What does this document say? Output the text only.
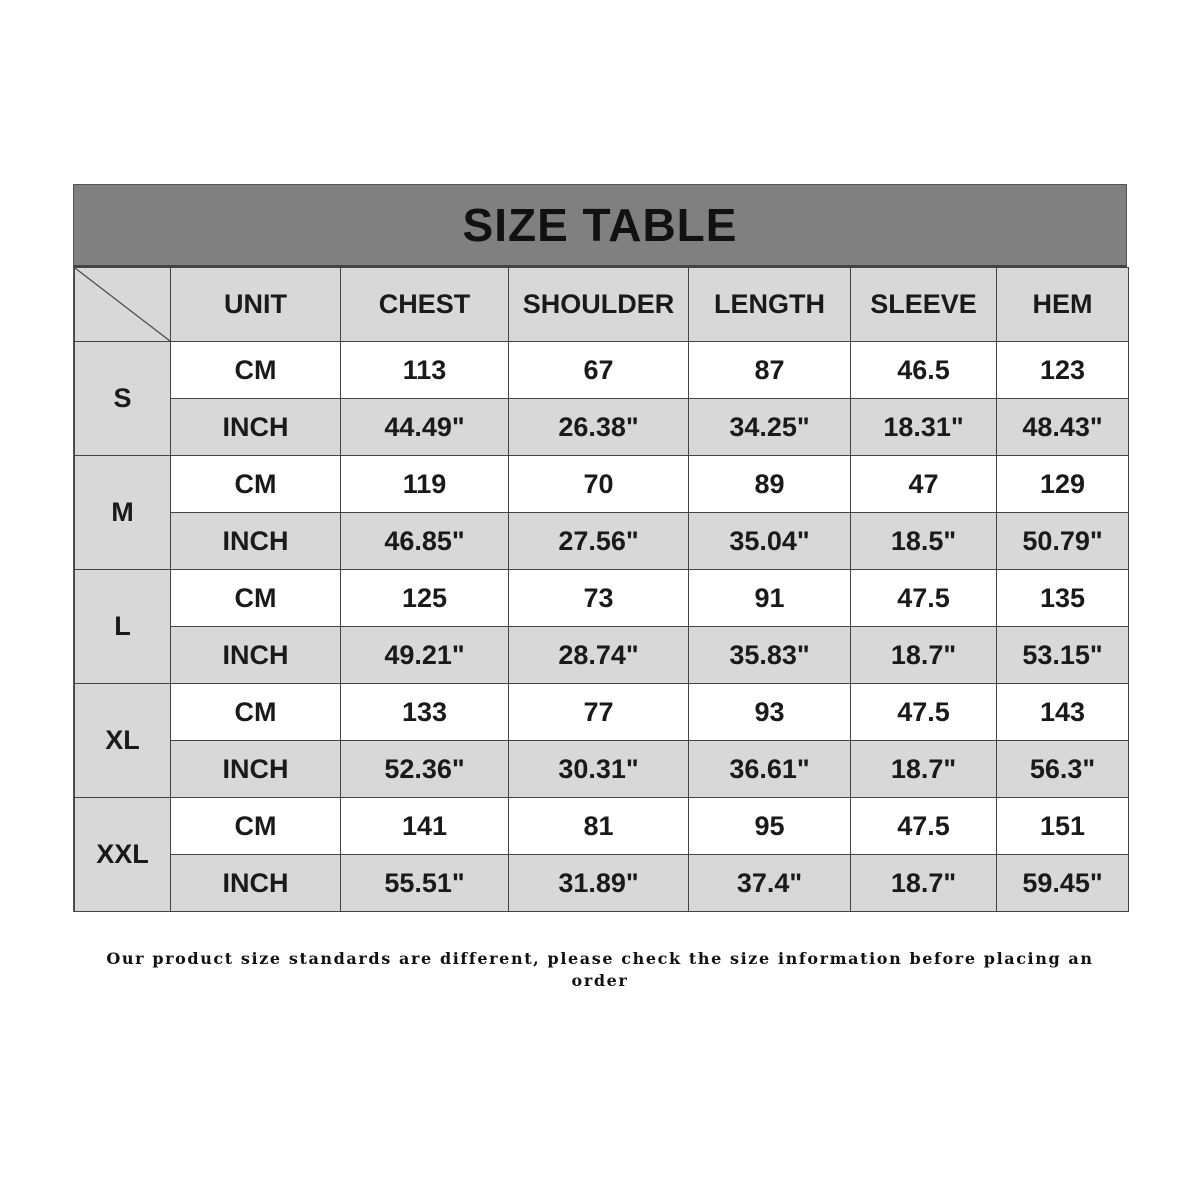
SIZE TABLE
	UNIT	CHEST	SHOULDER	LENGTH	SLEEVE	HEM
S	CM	113	67	87	46.5	123
	INCH	44.49"	26.38"	34.25"	18.31"	48.43"
M	CM	119	70	89	47	129
	INCH	46.85"	27.56"	35.04"	18.5"	50.79"
L	CM	125	73	91	47.5	135
	INCH	49.21"	28.74"	35.83"	18.7"	53.15"
XL	CM	133	77	93	47.5	143
	INCH	52.36"	30.31"	36.61"	18.7"	56.3"
XXL	CM	141	81	95	47.5	151
	INCH	55.51"	31.89"	37.4"	18.7"	59.45"
Our product size standards are different, please check the size information before placing an order
